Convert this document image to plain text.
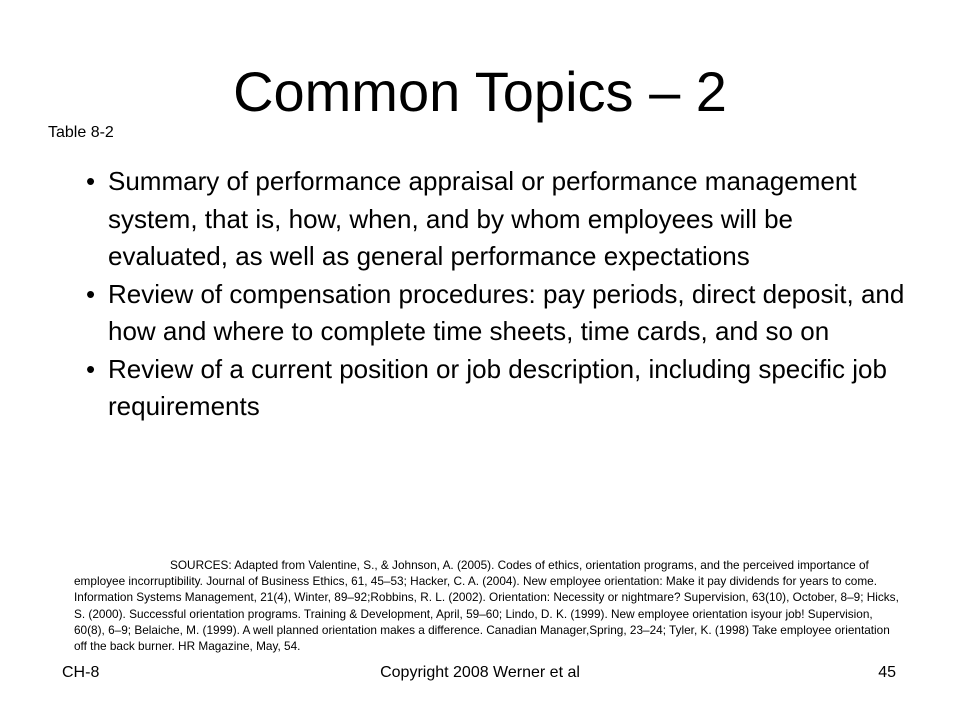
Common Topics – 2
Table 8-2
• Summary of performance appraisal or performance management system, that is, how, when, and by whom employees will be evaluated, as well as general performance expectations
• Review of compensation procedures: pay periods, direct deposit, and how and where to complete time sheets, time cards, and so on
• Review of a current position or job description, including specific job requirements

SOURCES: Adapted from Valentine, S., & Johnson, A. (2005). Codes of ethics, orientation programs, and the perceived importance of employee incorruptibility. Journal of Business Ethics, 61, 45–53; Hacker, C. A. (2004). New employee orientation: Make it pay dividends for years to come. Information Systems Management, 21(4), Winter, 89–92;Robbins, R. L. (2002). Orientation: Necessity or nightmare? Supervision, 63(10), October, 8–9; Hicks, S. (2000). Successful orientation programs. Training & Development, April, 59–60; Lindo, D. K. (1999). New employee orientation isyour job! Supervision, 60(8), 6–9; Belaiche, M. (1999). A well planned orientation makes a difference. Canadian Manager,Spring, 23–24; Tyler, K. (1998) Take employee orientation off the back burner. HR Magazine, May, 54.

CH-8	Copyright 2008 Werner et al	45
